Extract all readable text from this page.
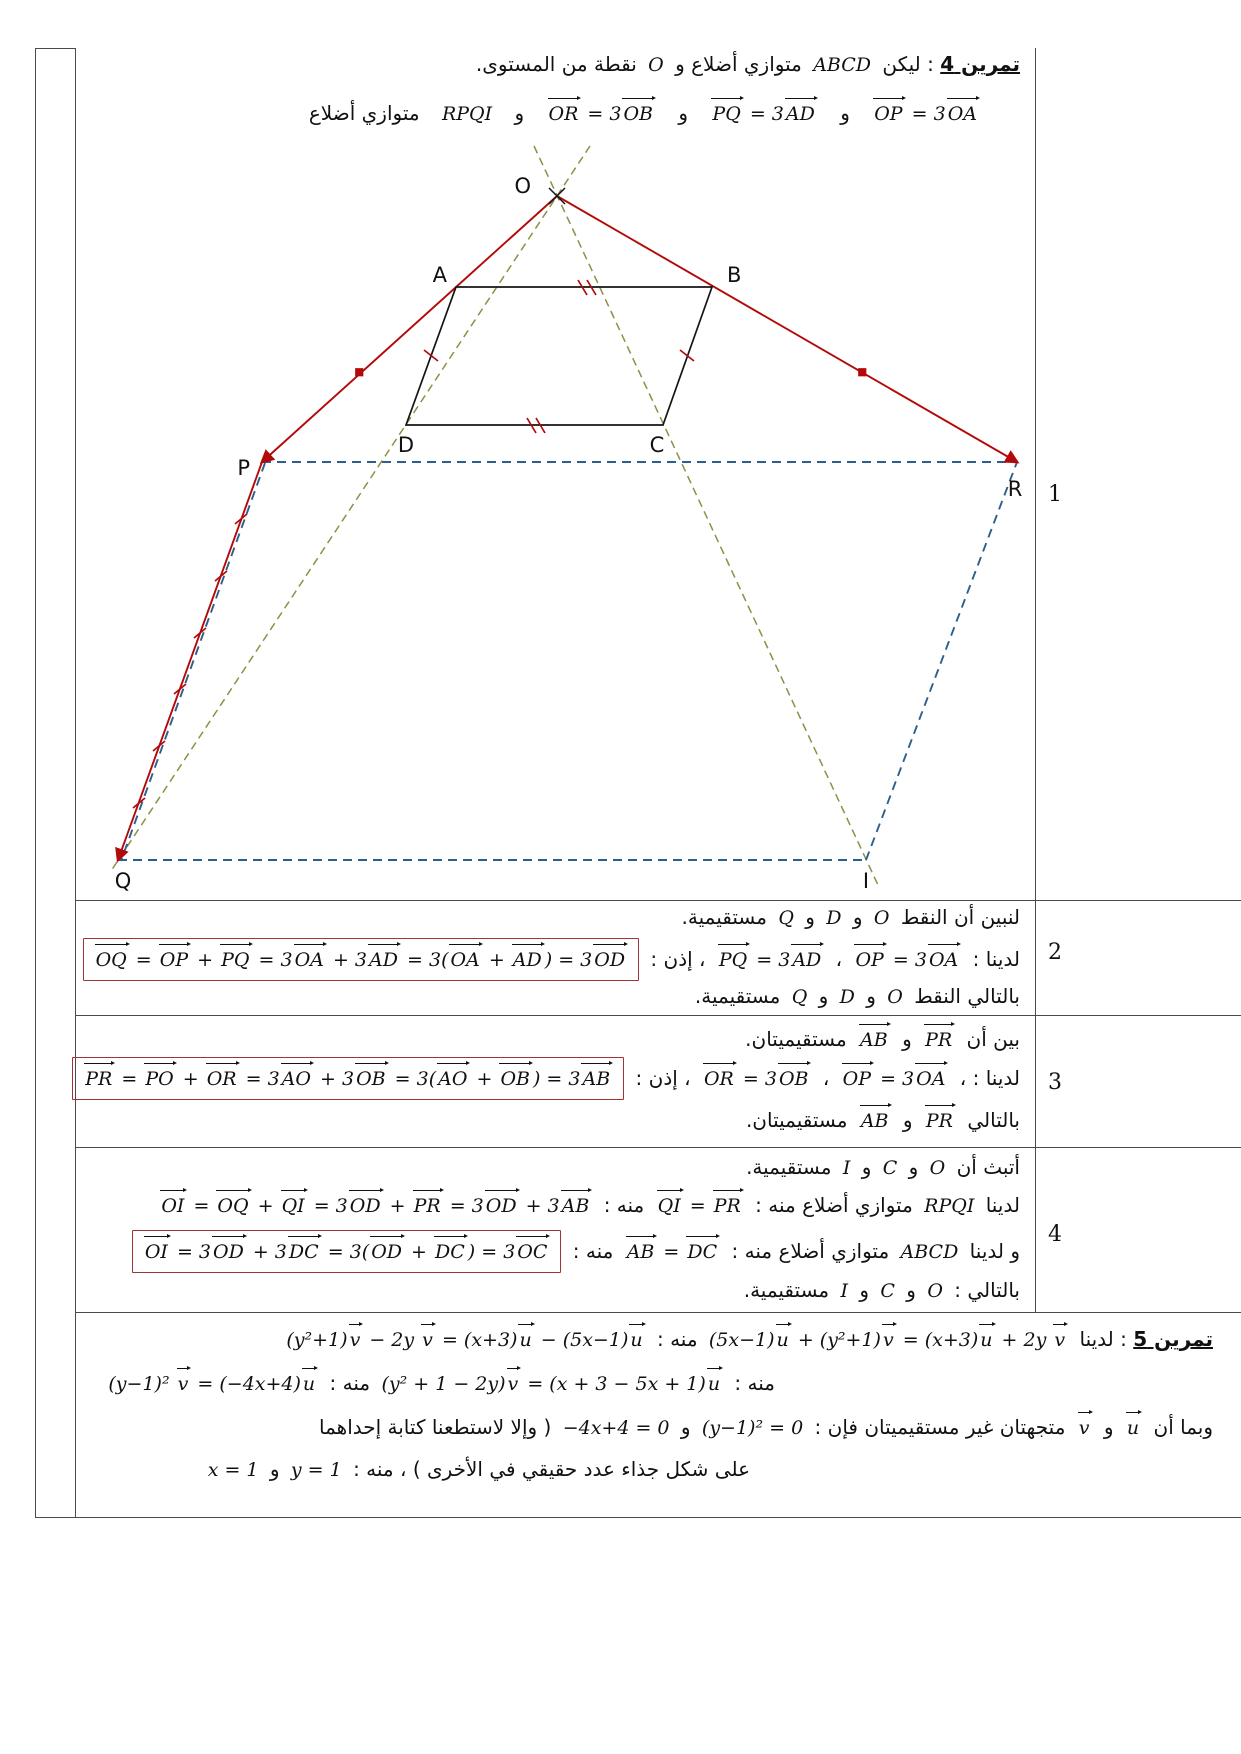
تمرين 4 : ليكن ABCD متوازي أضلاع و O نقطة من المستوى.
OP = 3 OA و PQ = 3 AD و OR = 3 OB و RPQI متوازي أضلاع
O
A	B
C
D
P
R
Q	I
1
2
3
4
لنبين أن النقط O و D و Q مستقيمية.
لدينا : OP = 3 OA ، PQ = 3 AD ، إذن : OQ = OP + PQ = 3 OA + 3 AD = 3( OA + AD ) = 3 OD
بالتالي النقط O و D و Q مستقيمية.
بين أن PR و AB مستقيميتان.
لدينا : ، OP = 3 OA ، OR = 3 OB ، إذن : PR = PO + OR = 3 AO + 3 OB = 3( AO + OB ) = 3 AB
بالتالي PR و AB مستقيميتان.
أتبث أن O و C و I مستقيمية.
لدينا RPQI متوازي أضلاع منه : QI = PR منه : OI = OQ + QI = 3 OD + PR = 3 OD + 3 AB
و لدينا ABCD متوازي أضلاع منه : AB = DC منه : OI = 3 OD + 3 DC = 3( OD + DC ) = 3 OC
بالتالي : O و C و I مستقيمية.
تمرين 5 : لدينا (5x−1) u + (y²+1) v = (x+3) u + 2y v منه : (y²+1) v − 2y v = (x+3) u − (5x−1) u
منه : (y² + 1 − 2y) v = (x + 3 − 5x + 1) u منه : (y−1)² v = (−4x+4) u
وبما أن u و v متجهتان غير مستقيميتان فإن : (y−1)² = 0 و −4x+4 = 0 ( وإلا لاستطعنا كتابة إحداهما
على شكل جذاء عدد حقيقي في الأخرى ) ، منه : y = 1 و x = 1
